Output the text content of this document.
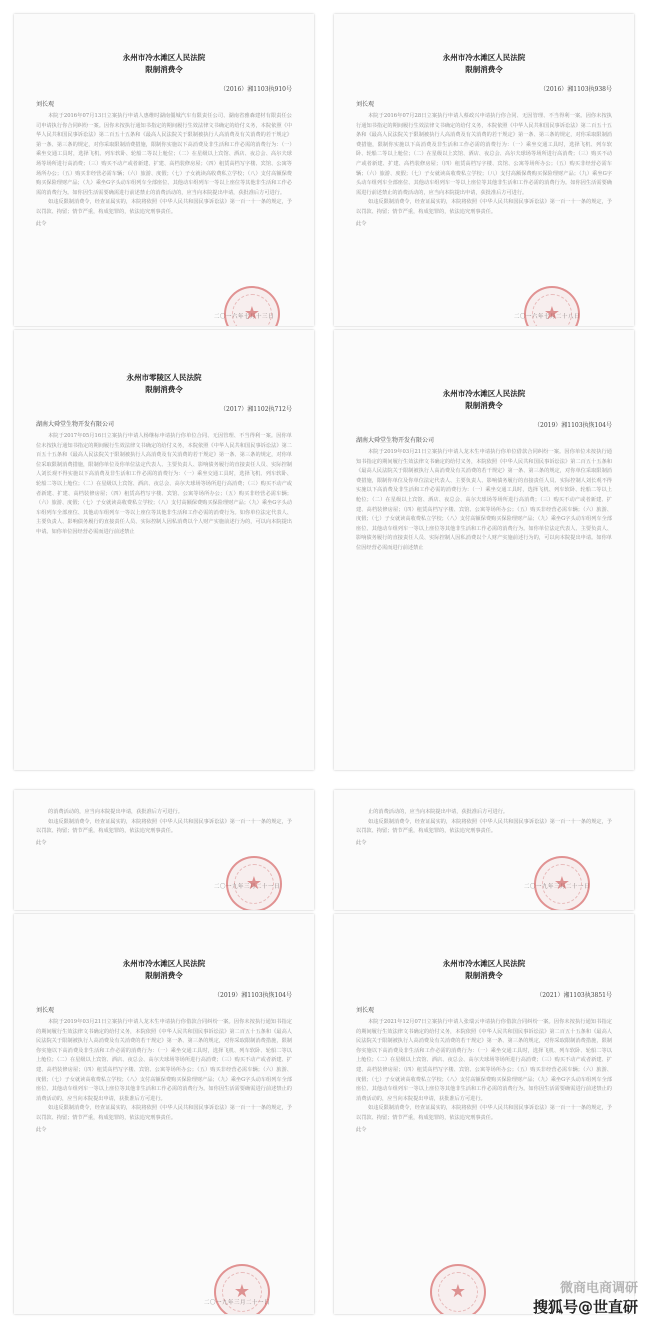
永州市冷水滩区人民法院
限制消费令
（2016）湘1103执910号
刘长观

本院于2016年07月13日立案执行申请人惠维时湖南僵城汽车有限责任公司、湖南省雅森建材有限责任公司申请执行你合同纠纷一案。因你未按执行通知书指定的期间履行生效法律文书确定的给付义务，本院依照《中华人民共和国民事诉讼法》第二百五十五条和《最高人民法院关于限制被执行人高消费及有关消费的若干规定》第一条、第三条的规定，对你采取限制消费措施，限制你实施以下高消费及非生活和工作必需的消费行为：（一）乘坐交通工具时，选择飞机、列车软卧、轮船二等以上舱位；（二）在星级以上宾馆、酒店、夜总会、高尔夫球场等场所进行高消费；（三）购买不动产或者新建、扩建、高档装修房屋；（四）租赁高档写字楼、宾馆、公寓等场所办公；（五）购买非经营必需车辆；（六）旅游、度假；（七）子女就读高收费私立学校；（八）支付高额保费购买保险理财产品；（九）乘坐G字头动车组列车全部座位、其他动车组列车一等以上座位等其他非生活和工作必需的消费行为。如你因生活需要确需进行前述禁止的消费活动的，应当向本院提出申请，获批准后方可进行。

如违反限制消费令，经查证属实的，本院将依照《中华人民共和国民事诉讼法》第一百一十一条的规定，予以罚款、拘留；情节严重，构成犯罪的，依法追究刑事责任。

此令
二〇一六年七月十三日
★
永州市冷水滩区人民法院
限制消费令
（2016）湘1103执938号
刘长观

本院于2016年07月28日立案执行申请人蔡政兴申请执行你合同、无因管理、不当得利一案。因你未按执行通知书指定的期间履行生效法律文书确定的给付义务，本院依照《中华人民共和国民事诉讼法》第二百五十五条和《最高人民法院关于限制被执行人高消费及有关消费的若干规定》第一条、第三条的规定，对你采取限制消费措施，限制你实施以下高消费及非生活和工作必需的消费行为：（一）乘坐交通工具时，选择飞机、列车软卧、轮船二等以上舱位；（二）在星级以上宾馆、酒店、夜总会、高尔夫球场等场所进行高消费；（三）购买不动产或者新建、扩建、高档装修房屋；（四）租赁高档写字楼、宾馆、公寓等场所办公；（五）购买非经营必需车辆；（六）旅游、度假；（七）子女就读高收费私立学校；（八）支付高额保费购买保险理财产品；（九）乘坐G字头动车组列车全部座位、其他动车组列车一等以上座位等其他非生活和工作必需的消费行为。如你因生活需要确需进行前述禁止的消费活动的，应当向本院提出申请，获批准后方可进行。

如违反限制消费令，经查证属实的，本院将依照《中华人民共和国民事诉讼法》第一百一十一条的规定，予以罚款、拘留；情节严重，构成犯罪的，依法追究刑事责任。

此令
二〇一六年七月二十八日
★
永州市零陵区人民法院
限制消费令
（2017）湘1102执712号
湖南大舜堂生物开发有限公司

本院于2017年05月16日立案执行申请人杨继标申请执行你单位合同、无因管理、不当得利一案。因你单位未按执行通知书指定的期间履行生效法律文书确定的给付义务，本院依照《中华人民共和国民事诉讼法》第二百五十五条和《最高人民法院关于限制被执行人高消费及有关消费的若干规定》第一条、第三条的规定，对你单位采取限制消费措施，限制你单位及你单位法定代表人、主要负责人、影响债务履行的直接责任人员、实际控制人刘长观不得实施以下高消费及非生活和工作必需的消费行为：（一）乘坐交通工具时，选择飞机、列车软卧、轮船二等以上舱位；（二）在星级以上宾馆、酒店、夜总会、高尔夫球场等场所进行高消费；（三）购买不动产或者新建、扩建、高档装修房屋；（四）租赁高档写字楼、宾馆、公寓等场所办公；（五）购买非经营必需车辆；（六）旅游、度假；（七）子女就读高收费私立学校；（八）支付高额保费购买保险理财产品；（九）乘坐G字头动车组列车全部座位、其他动车组列车一等以上座位等其他非生活和工作必需的消费行为。如你单位法定代表人、主要负责人、影响债务履行的直接责任人员、实际控制人因私消费以个人财产实施前述行为的，可以向本院提出申请。如你单位因经营必需而进行前述禁止

永州市冷水滩区人民法院
限制消费令
（2019）湘1103执恢104号
湖南大舜堂生物开发有限公司

本院于2019年03月21日立案执行申请人龙木生申请执行你单位借款合同纠纷一案。因你单位未按执行通知书指定的期间履行生效法律文书确定的给付义务，本院依照《中华人民共和国民事诉讼法》第二百五十五条和《最高人民法院关于限制被执行人高消费及有关消费的若干规定》第一条、第三条的规定，对你单位采取限制消费措施，限制你单位及你单位法定代表人、主要负责人、影响债务履行的直接责任人员、实际控制人刘长观不得实施以下高消费及非生活和工作必需的消费行为：（一）乘坐交通工具时，选择飞机、列车软卧、轮船二等以上舱位；（二）在星级以上宾馆、酒店、夜总会、高尔夫球场等场所进行高消费；（三）购买不动产或者新建、扩建、高档装修房屋；（四）租赁高档写字楼、宾馆、公寓等场所办公；（五）购买非经营必需车辆；（六）旅游、度假；（七）子女就读高收费私立学校；（八）支付高额保费购买保险理财产品；（九）乘坐G字头动车组列车全部座位、其他动车组列车一等以上座位等其他非生活和工作必需的消费行为。如你单位法定代表人、主要负责人、影响债务履行的直接责任人员、实际控制人因私消费以个人财产实施前述行为的，可以向本院提出申请。如你单位因经营必需而进行前述禁止

的消费活动的，应当向本院提出申请，获批准后方可进行。

如违反限制消费令，经查证属实的，本院将依照《中华人民共和国民事诉讼法》第一百一十一条的规定，予以罚款、拘留；情节严重，构成犯罪的，依法追究刑事责任。

此令
二〇一九年三月二十一日
★

止的消费活动的，应当向本院提出申请，获批准后方可进行。

如违反限制消费令，经查证属实的，本院将依照《中华人民共和国民事诉讼法》第一百一十一条的规定，予以罚款、拘留；情节严重，构成犯罪的，依法追究刑事责任。

此令
二〇一九年三月二十一日
★
永州市冷水滩区人民法院
限制消费令
（2019）湘1103执恢104号
刘长观

本院于2019年03月21日立案执行申请人龙木生申请执行你借款合同纠纷一案。因你未按执行通知书指定的期间履行生效法律文书确定的给付义务，本院依照《中华人民共和国民事诉讼法》第二百五十五条和《最高人民法院关于限制被执行人高消费及有关消费的若干规定》第一条、第三条的规定，对你采取限制消费措施，限制你实施以下高消费及非生活和工作必需的消费行为：（一）乘坐交通工具时，选择飞机、列车软卧、轮船二等以上舱位；（二）在星级以上宾馆、酒店、夜总会、高尔夫球场等场所进行高消费；（三）购买不动产或者新建、扩建、高档装修房屋；（四）租赁高档写字楼、宾馆、公寓等场所办公；（五）购买非经营必需车辆；（六）旅游、度假；（七）子女就读高收费私立学校；（八）支付高额保费购买保险理财产品；（九）乘坐G字头动车组列车全部座位、其他动车组列车一等以上座位等其他非生活和工作必需的消费行为。如你因生活需要确需进行前述禁止的消费活动的，应当向本院提出申请，获批准后方可进行。

如违反限制消费令，经查证属实的，本院将依照《中华人民共和国民事诉讼法》第一百一十一条的规定，予以罚款、拘留；情节严重，构成犯罪的，依法追究刑事责任。

此令
二〇一九年三月二十一日
★
永州市冷水滩区人民法院
限制消费令
（2021）湘1103执3851号
刘长观

本院于2021年12月07日立案执行申请人张瑞云申请执行你借款合同纠纷一案。因你未按执行通知书指定的期间履行生效法律文书确定的给付义务，本院依照《中华人民共和国民事诉讼法》第二百五十五条和《最高人民法院关于限制被执行人高消费及有关消费的若干规定》第一条、第三条的规定，对你采取限制消费措施，限制你实施以下高消费及非生活和工作必需的消费行为：（一）乘坐交通工具时，选择飞机、列车软卧、轮船二等以上舱位；（二）在星级以上宾馆、酒店、夜总会、高尔夫球场等场所进行高消费；（三）购买不动产或者新建、扩建、高档装修房屋；（四）租赁高档写字楼、宾馆、公寓等场所办公；（五）购买非经营必需车辆；（六）旅游、度假；（七）子女就读高收费私立学校；（八）支付高额保费购买保险理财产品；（九）乘坐G字头动车组列车全部座位、其他动车组列车一等以上座位等其他非生活和工作必需的消费行为。如你因生活需要确需进行前述禁止的消费活动的，应当向本院提出申请，获批准后方可进行。

如违反限制消费令，经查证属实的，本院将依照《中华人民共和国民事诉讼法》第一百一十一条的规定，予以罚款、拘留；情节严重，构成犯罪的，依法追究刑事责任。

此令
★	微商电商调研
搜狐号@世直研
